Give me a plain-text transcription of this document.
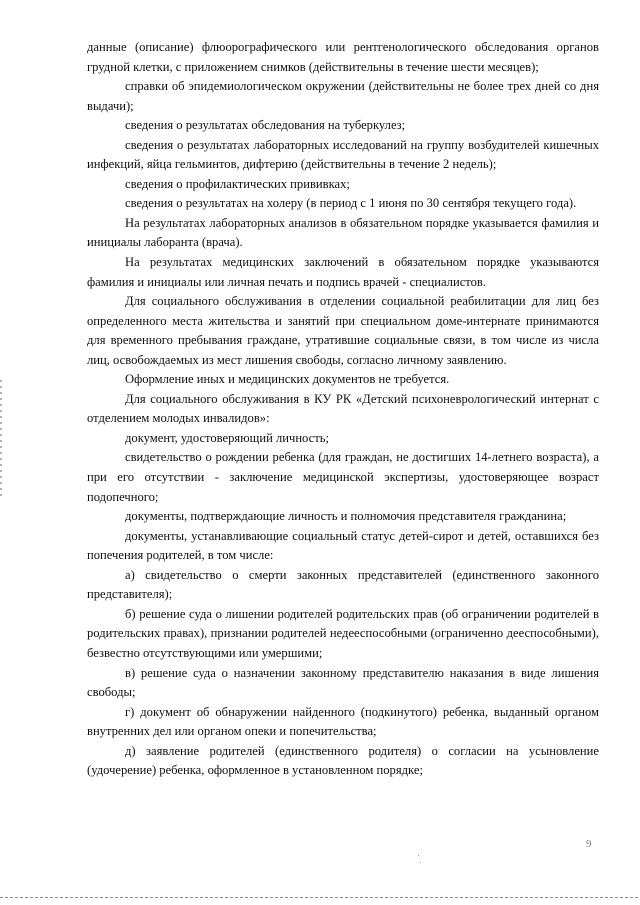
данные (описание) флюорографического или рентгенологического обследования органов грудной клетки, с приложением снимков (действительны в течение шести месяцев);

справки об эпидемиологическом окружении (действительны не более трех дней со дня выдачи);

сведения о результатах обследования на туберкулез;

сведения о результатах лабораторных исследований на группу возбудителей кишечных инфекций, яйца гельминтов, дифтерию (действительны в течение 2 недель);

сведения о профилактических прививках;

сведения о результатах на холеру (в период с 1 июня по 30 сентября текущего года).

На результатах лабораторных анализов в обязательном порядке указывается фамилия и инициалы лаборанта (врача).

На результатах медицинских заключений в обязательном порядке указываются фамилия и инициалы или личная печать и подпись врачей - специалистов.

Для социального обслуживания в отделении социальной реабилитации для лиц без определенного места жительства и занятий при специальном доме-интернате принимаются для временного пребывания граждане, утратившие социальные связи, в том числе из числа лиц, освобождаемых из мест лишения свободы, согласно личному заявлению.

Оформление иных и медицинских документов не требуется.

Для социального обслуживания в КУ РК «Детский психоневрологический интернат с отделением молодых инвалидов»:

документ, удостоверяющий личность;

свидетельство о рождении ребенка (для граждан, не достигших 14-летнего возраста), а при его отсутствии - заключение медицинской экспертизы, удостоверяющее возраст подопечного;

документы, подтверждающие личность и полномочия представителя гражданина;

документы, устанавливающие социальный статус детей-сирот и детей, оставшихся без попечения родителей, в том числе:

а) свидетельство о смерти законных представителей (единственного законного представителя);

б) решение суда о лишении родителей родительских прав (об ограничении родителей в родительских правах), признании родителей недееспособными (ограниченно дееспособными), безвестно отсутствующими или умершими;

в) решение суда о назначении законному представителю наказания в виде лишения свободы;

г) документ об обнаружении найденного (подкинутого) ребенка, выданный органом внутренних дел или органом опеки и попечительства;

д) заявление родителей (единственного родителя) о согласии на усыновление (удочерение) ребенка, оформленное в установленном порядке;

9
